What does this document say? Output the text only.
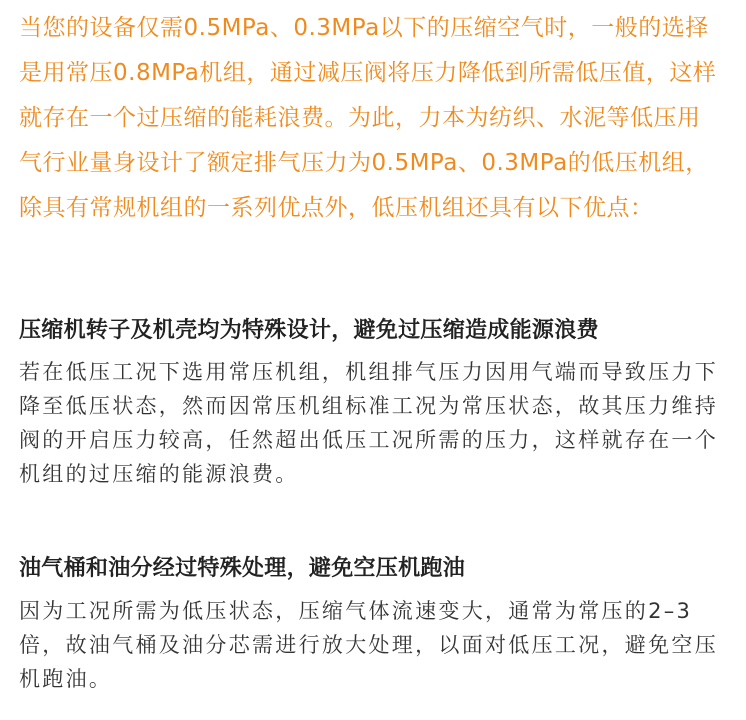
当您的设备仅需0.5MPa、0.3MPa以下的压缩空气时，一般的选择是用常压0.8MPa机组，通过减压阀将压力降低到所需低压值，这样就存在一个过压缩的能耗浪费。为此，力本为纺织、水泥等低压用气行业量身设计了额定排气压力为0.5MPa、0.3MPa的低压机组，除具有常规机组的一系列优点外，低压机组还具有以下优点：

压缩机转子及机壳均为特殊设计，避免过压缩造成能源浪费

若在低压工况下选用常压机组，机组排气压力因用气端而导致压力下降至低压状态，然而因常压机组标准工况为常压状态，故其压力维持阀的开启压力较高，任然超出低压工况所需的压力，这样就存在一个机组的过压缩的能源浪费。

油气桶和油分经过特殊处理，避免空压机跑油

因为工况所需为低压状态，压缩气体流速变大，通常为常压的2–3倍，故油气桶及油分芯需进行放大处理，以面对低压工况，避免空压机跑油。
